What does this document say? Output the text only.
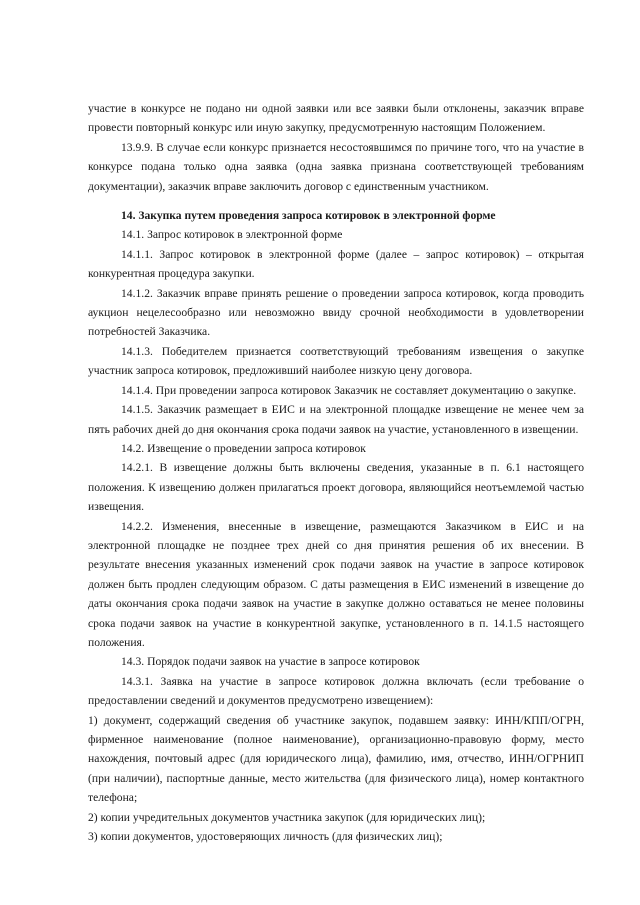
участие в конкурсе не подано ни одной заявки или все заявки были отклонены, заказчик вправе провести повторный конкурс или иную закупку, предусмотренную настоящим Положением.

13.9.9. В случае если конкурс признается несостоявшимся по причине того, что на участие в конкурсе подана только одна заявка (одна заявка признана соответствующей требованиям документации), заказчик вправе заключить договор с единственным участником.

14. Закупка путем проведения запроса котировок в электронной форме

14.1. Запрос котировок в электронной форме

14.1.1. Запрос котировок в электронной форме (далее – запрос котировок) – открытая конкурентная процедура закупки.

14.1.2. Заказчик вправе принять решение о проведении запроса котировок, когда проводить аукцион нецелесообразно или невозможно ввиду срочной необходимости в удовлетворении потребностей Заказчика.

14.1.3. Победителем признается соответствующий требованиям извещения о закупке участник запроса котировок, предложивший наиболее низкую цену договора.

14.1.4. При проведении запроса котировок Заказчик не составляет документацию о закупке.

14.1.5. Заказчик размещает в ЕИС и на электронной площадке извещение не менее чем за пять рабочих дней до дня окончания срока подачи заявок на участие, установленного в извещении.

14.2. Извещение о проведении запроса котировок

14.2.1. В извещение должны быть включены сведения, указанные в п. 6.1 настоящего положения. К извещению должен прилагаться проект договора, являющийся неотъемлемой частью извещения.

14.2.2. Изменения, внесенные в извещение, размещаются Заказчиком в ЕИС и на электронной площадке не позднее трех дней со дня принятия решения об их внесении. В результате внесения указанных изменений срок подачи заявок на участие в запросе котировок должен быть продлен следующим образом. С даты размещения в ЕИС изменений в извещение до даты окончания срока подачи заявок на участие в закупке должно оставаться не менее половины срока подачи заявок на участие в конкурентной закупке, установленного в п. 14.1.5 настоящего положения.

14.3. Порядок подачи заявок на участие в запросе котировок

14.3.1. Заявка на участие в запросе котировок должна включать (если требование о предоставлении сведений и документов предусмотрено извещением):

1) документ, содержащий сведения об участнике закупок, подавшем заявку: ИНН/КПП/ОГРН, фирменное наименование (полное наименование), организационно-правовую форму, место нахождения, почтовый адрес (для юридического лица), фамилию, имя, отчество, ИНН/ОГРНИП (при наличии), паспортные данные, место жительства (для физического лица), номер контактного телефона;

2) копии учредительных документов участника закупок (для юридических лиц);

3) копии документов, удостоверяющих личность (для физических лиц);
